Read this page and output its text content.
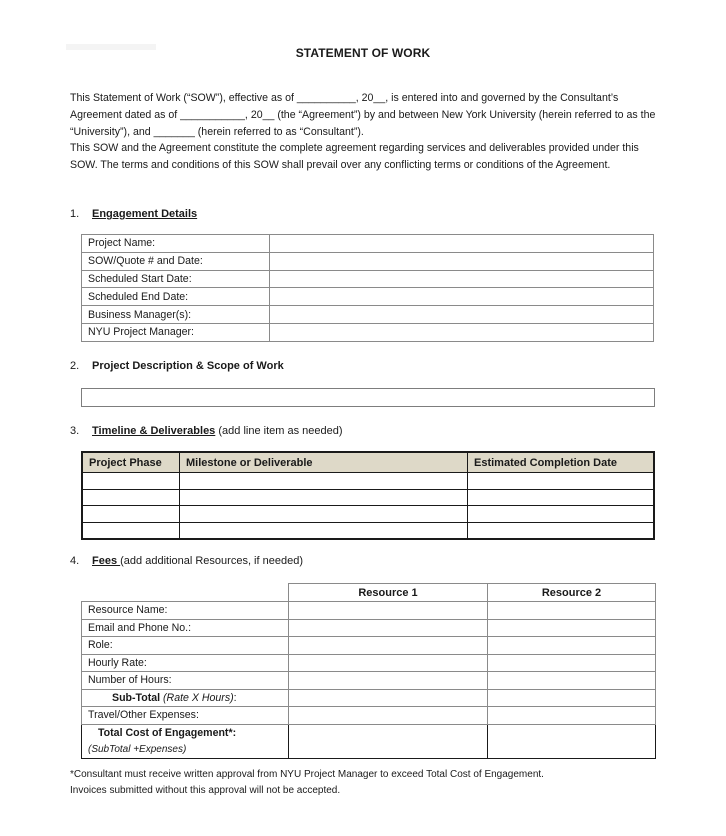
STATEMENT OF WORK

This Statement of Work (“SOW”), effective as of __________, 20__, is entered into and governed by the Consultant’s Agreement dated as of ___________, 20__ (the “Agreement”) by and between New York University (herein referred to as the “University”), and _______ (herein referred to as “Consultant”).

This SOW and the Agreement constitute the complete agreement regarding services and deliverables provided under this SOW. The terms and conditions of this SOW shall prevail over any conflicting terms or conditions of the Agreement.

1. Engagement Details
Project Name:	
SOW/Quote # and Date:	
Scheduled Start Date:	
Scheduled End Date:	
Business Manager(s):	
NYU Project Manager:	
2. Project Description & Scope of Work
3. Timeline & Deliverables (add line item as needed)
Project Phase	Milestone or Deliverable	Estimated Completion Date

4. Fees (add additional Resources, if needed)
	Resource 1	Resource 2
Resource Name:		
Email and Phone No.:		
Role:		
Hourly Rate:		
Number of Hours:		
Sub-Total (Rate X Hours):		
Travel/Other Expenses:		
Total Cost of Engagement*:
(SubTotal +Expenses)		

*Consultant must receive written approval from NYU Project Manager to exceed Total Cost of Engagement.

Invoices submitted without this approval will not be accepted.
